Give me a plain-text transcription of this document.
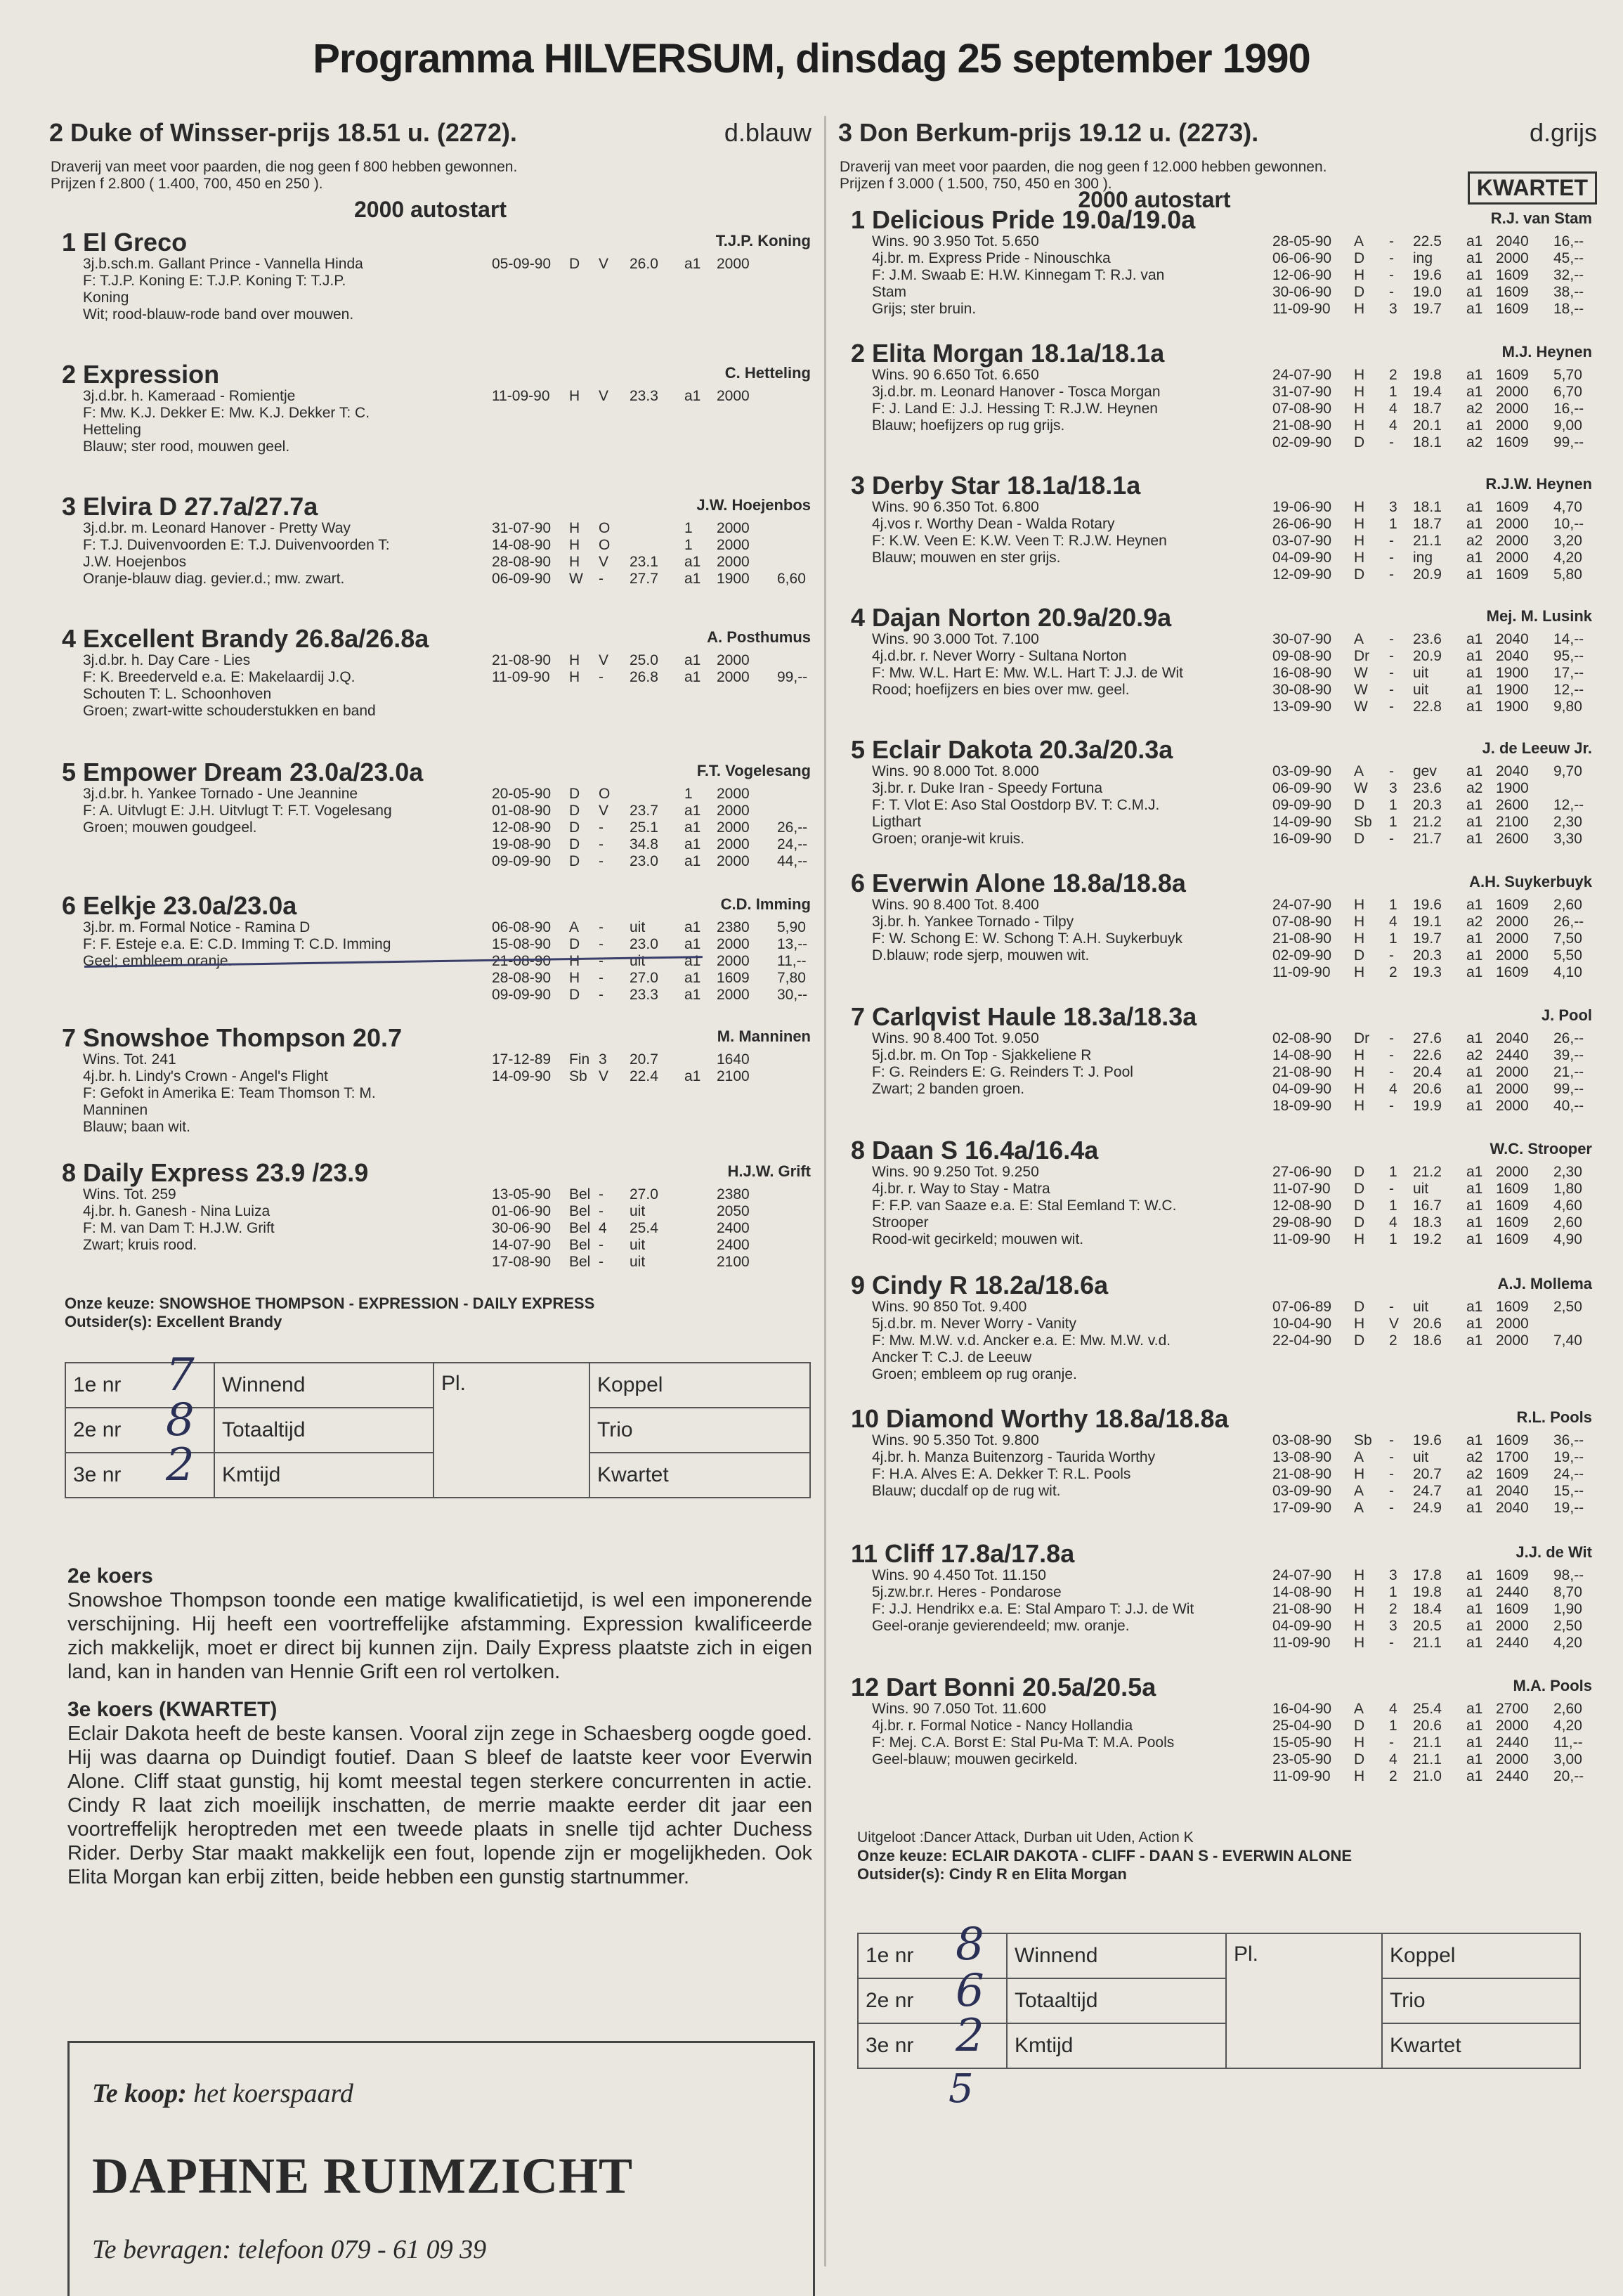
Programma HILVERSUM, dinsdag 25 september 1990
2 Duke of Winsser-prijs 18.51 u. (2272).	d.blauw
Draverij van meet voor paarden, die nog geen f 800 hebben gewonnen.
Prijzen f 2.800 ( 1.400, 700, 450 en 250 ).
2000 autostart
1 El Greco	T.J.P. Koning
3j.b.sch.m. Gallant Prince - Vannella Hinda
F: T.J.P. Koning E: T.J.P. Koning T: T.J.P.
Koning
Wit; rood-blauw-rode band over mouwen.
05-09-90 D V 26.0 a1 2000
2 Expression	C. Hetteling
3j.d.br. h. Kameraad - Romientje
F: Mw. K.J. Dekker E: Mw. K.J. Dekker T: C.
Hetteling
Blauw; ster rood, mouwen geel.
11-09-90 H V 23.3 a1 2000
3 Elvira D 27.7a/27.7a	J.W. Hoejenbos
3j.d.br. m. Leonard Hanover - Pretty Way
F: T.J. Duivenvoorden E: T.J. Duivenvoorden T:
J.W. Hoejenbos
Oranje-blauw diag. gevier.d.; mw. zwart.
31-07-90 H O	1 2000
14-08-90 H O	1 2000
28-08-90 H V 23.1 a1 2000
06-09-90 W - 27.7 a1 1900 6,60
4 Excellent Brandy 26.8a/26.8a	A. Posthumus
3j.d.br. h. Day Care - Lies
F: K. Breederveld e.a. E: Makelaardij J.Q.
Schouten T: L. Schoonhoven
Groen; zwart-witte schouderstukken en band
21-08-90 H V 25.0 a1 2000
11-09-90 H - 26.8 a1 2000 99,--
5 Empower Dream 23.0a/23.0a	F.T. Vogelesang
3j.d.br. h. Yankee Tornado - Une Jeannine
F: A. Uitvlugt E: J.H. Uitvlugt T: F.T. Vogelesang
Groen; mouwen goudgeel.
20-05-90 D O	1 2000
01-08-90 D V 23.7 a1 2000
12-08-90 D - 25.1 a1 2000 26,--
19-08-90 D - 34.8 a1 2000 24,--
09-09-90 D - 23.0 a1 2000 44,--
6 Eelkje 23.0a/23.0a	C.D. Imming
3j.br. m. Formal Notice - Ramina D
F: F. Esteje e.a. E: C.D. Imming T: C.D. Imming
Geel; embleem oranje.
06-08-90 A - uit	a1 2380 5,90
15-08-90 D - 23.0 a1 2000 13,--
21-08-90 H - uit	a1 2000 11,--
28-08-90 H - 27.0 a1 1609 7,80
09-09-90 D - 23.3 a1 2000 30,--
7 Snowshoe Thompson 20.7	M. Manninen
Wins. Tot. 241
4j.br. h. Lindy's Crown - Angel's Flight
F: Gefokt in Amerika E: Team Thomson T: M.
Manninen
Blauw; baan wit.
17-12-89 Fin 3 20.7	1640
14-09-90 Sb V 22.4 a1 2100
8 Daily Express 23.9 /23.9	H.J.W. Grift
Wins. Tot. 259
4j.br. h. Ganesh - Nina Luiza
F: M. van Dam T: H.J.W. Grift
Zwart; kruis rood.
13-05-90 Bel - 27.0	2380
01-06-90 Bel - uit	2050
30-06-90 Bel 4 25.4	2400
14-07-90 Bel - uit	2400
17-08-90 Bel - uit	2100
Onze keuze: SNOWSHOE THOMPSON - EXPRESSION - DAILY EXPRESS
Outsider(s): Excellent Brandy
1e nr	Winnend	Pl.	Koppel
2e nr	Totaaltijd		Trio
3e nr	Kmtijd		Kwartet
7
8
2
2e koers

Snowshoe Thompson toonde een matige kwalificatietijd, is wel een imponerende verschijning. Hij heeft een voortreffelijke afstamming. Expression kwalificeerde zich makkelijk, moet er direct bij kunnen zijn. Daily Express plaatste zich in eigen land, kan in handen van Hennie Grift een rol vertolken.

3e koers (KWARTET)

Eclair Dakota heeft de beste kansen. Vooral zijn zege in Schaesberg oogde goed. Hij was daarna op Duindigt foutief. Daan S bleef de laatste keer voor Everwin Alone. Cliff staat gunstig, hij komt meestal tegen sterkere concurrenten in actie. Cindy R laat zich moeilijk inschatten, de merrie maakte eerder dit jaar een voortreffelijk heroptreden met een tweede plaats in snelle tijd achter Duchess Rider. Derby Star maakt makkelijk een fout, lopende zijn er mogelijkheden. Ook Elita Morgan kan erbij zitten, beide hebben een gunstig startnummer.

Te koop: het koerspaard
DAPHNE RUIMZICHT
Te bevragen: telefoon 079 - 61 09 39
3 Don Berkum-prijs 19.12 u. (2273).	d.grijs
Draverij van meet voor paarden, die nog geen f 12.000 hebben gewonnen.
Prijzen f 3.000 ( 1.500, 750, 450 en 300 ).
2000 autostart	KWARTET
1 Delicious Pride 19.0a/19.0a	R.J. van Stam
Wins. 90 3.950 Tot. 5.650
4j.br. m. Express Pride - Ninouschka
F: J.M. Swaab E: H.W. Kinnegam T: R.J. van
Stam
Grijs; ster bruin.
28-05-90 A - 22.5 a1 2040 16,--
06-06-90 D - ing a1 2000 45,--
12-06-90 H - 19.6 a1 1609 32,--
30-06-90 D - 19.0 a1 1609 38,--
11-09-90 H 3 19.7 a1 1609 18,--
2 Elita Morgan 18.1a/18.1a	M.J. Heynen
Wins. 90 6.650 Tot. 6.650
3j.d.br. m. Leonard Hanover - Tosca Morgan
F: J. Land E: J.J. Hessing T: R.J.W. Heynen
Blauw; hoefijzers op rug grijs.
24-07-90 H 2 19.8 a1 1609 5,70
31-07-90 H 1 19.4 a1 2000 6,70
07-08-90 H 4 18.7 a2 2000 16,--
21-08-90 H 4 20.1 a1 2000 9,00
02-09-90 D - 18.1 a2 1609 99,--
3 Derby Star 18.1a/18.1a	R.J.W. Heynen
Wins. 90 6.350 Tot. 6.800
4j.vos r. Worthy Dean - Walda Rotary
F: K.W. Veen E: K.W. Veen T: R.J.W. Heynen
Blauw; mouwen en ster grijs.
19-06-90 H 3 18.1 a1 1609 4,70
26-06-90 H 1 18.7 a1 2000 10,--
03-07-90 H - 21.1 a2 2000 3,20
04-09-90 H - ing a1 2000 4,20
12-09-90 D - 20.9 a1 1609 5,80
4 Dajan Norton 20.9a/20.9a	Mej. M. Lusink
Wins. 90 3.000 Tot. 7.100
4j.d.br. r. Never Worry - Sultana Norton
F: Mw. W.L. Hart E: Mw. W.L. Hart T: J.J. de Wit
Rood; hoefijzers en bies over mw. geel.
30-07-90 A - 23.6 a1 2040 14,--
09-08-90 Dr - 20.9 a1 2040 95,--
16-08-90 W - uit	a1 1900 17,--
30-08-90 W - uit	a1 1900 12,--
13-09-90 W - 22.8 a1 1900 9,80
5 Eclair Dakota 20.3a/20.3a	J. de Leeuw Jr.
Wins. 90 8.000 Tot. 8.000
3j.br. r. Duke Iran - Speedy Fortuna
F: T. Vlot E: Aso Stal Oostdorp BV. T: C.M.J.
Ligthart
Groen; oranje-wit kruis.
03-09-90 A - gev a1 2040 9,70
06-09-90 W 3 23.6 a2 1900
09-09-90 D 1 20.3 a1 2600 12,--
14-09-90 Sb 1 21.2 a1 2100 2,30
16-09-90 D - 21.7 a1 2600 3,30
6 Everwin Alone 18.8a/18.8a	A.H. Suykerbuyk
Wins. 90 8.400 Tot. 8.400
3j.br. h. Yankee Tornado - Tilpy
F: W. Schong E: W. Schong T: A.H. Suykerbuyk
D.blauw; rode sjerp, mouwen wit.
24-07-90 H 1 19.6 a1 1609 2,60
07-08-90 H 4 19.1 a2 2000 26,--
21-08-90 H 1 19.7 a1 2000 7,50
02-09-90 D - 20.3 a1 2000 5,50
11-09-90 H 2 19.3 a1 1609 4,10
7 Carlqvist Haule 18.3a/18.3a	J. Pool
Wins. 90 8.400 Tot. 9.050
5j.d.br. m. On Top - Sjakkeliene R
F: G. Reinders E: G. Reinders T: J. Pool
Zwart; 2 banden groen.
02-08-90 Dr - 27.6 a1 2040 26,--
14-08-90 H - 22.6 a2 2440 39,--
21-08-90 H - 20.4 a1 2000 21,--
04-09-90 H 4 20.6 a1 2000 99,--
18-09-90 H - 19.9 a1 2000 40,--
8 Daan S 16.4a/16.4a	W.C. Strooper
Wins. 90 9.250 Tot. 9.250
4j.br. r. Way to Stay - Matra
F: F.P. van Saaze e.a. E: Stal Eemland T: W.C.
Strooper
Rood-wit gecirkeld; mouwen wit.
27-06-90 D 1 21.2 a1 2000 2,30
11-07-90 D - uit	a1 1609 1,80
12-08-90 D 1 16.7 a1 1609 4,60
29-08-90 D 4 18.3 a1 1609 2,60
11-09-90 H 1 19.2 a1 1609 4,90
9 Cindy R 18.2a/18.6a	A.J. Mollema
Wins. 90 850 Tot. 9.400
5j.d.br. m. Never Worry - Vanity
F: Mw. M.W. v.d. Ancker e.a. E: Mw. M.W. v.d.
Ancker T: C.J. de Leeuw
Groen; embleem op rug oranje.
07-06-89 D - uit	a1 1609 2,50
10-04-90 H V 20.6 a1 2000
22-04-90 D 2 18.6 a1 2000 7,40
10 Diamond Worthy 18.8a/18.8a	R.L. Pools
Wins. 90 5.350 Tot. 9.800
4j.br. h. Manza Buitenzorg - Taurida Worthy
F: H.A. Alves E: A. Dekker T: R.L. Pools
Blauw; ducdalf op de rug wit.
03-08-90 Sb - 19.6 a1 1609 36,--
13-08-90 A - uit	a2 1700 19,--
21-08-90 H - 20.7 a2 1609 24,--
03-09-90 A - 24.7 a1 2040 15,--
17-09-90 A - 24.9 a1 2040 19,--
11 Cliff 17.8a/17.8a	J.J. de Wit
Wins. 90 4.450 Tot. 11.150
5j.zw.br.r. Heres - Pondarose
F: J.J. Hendrikx e.a. E: Stal Amparo T: J.J. de Wit
Geel-oranje gevierendeeld; mw. oranje.
24-07-90 H 3 17.8 a1 1609 98,--
14-08-90 H 1 19.8 a1 2440 8,70
21-08-90 H 2 18.4 a1 1609 1,90
04-09-90 H 3 20.5 a1 2000 2,50
11-09-90 H - 21.1 a1 2440 4,20
12 Dart Bonni 20.5a/20.5a	M.A. Pools
Wins. 90 7.050 Tot. 11.600
4j.br. r. Formal Notice - Nancy Hollandia
F: Mej. C.A. Borst E: Stal Pu-Ma T: M.A. Pools
Geel-blauw; mouwen gecirkeld.
16-04-90 A 4 25.4 a1 2700 2,60
25-04-90 D 1 20.6 a1 2000 4,20
15-05-90 H - 21.1 a1 2440 11,--
23-05-90 D 4 21.1 a1 2000 3,00
11-09-90 H 2 21.0 a1 2440 20,--
Uitgeloot :Dancer Attack, Durban uit Uden, Action K
Onze keuze: ECLAIR DAKOTA - CLIFF - DAAN S - EVERWIN ALONE
Outsider(s): Cindy R en Elita Morgan
1e nr	Winnend	Pl.	Koppel
2e nr	Totaaltijd		Trio
3e nr	Kmtijd		Kwartet
8
6
2
5
